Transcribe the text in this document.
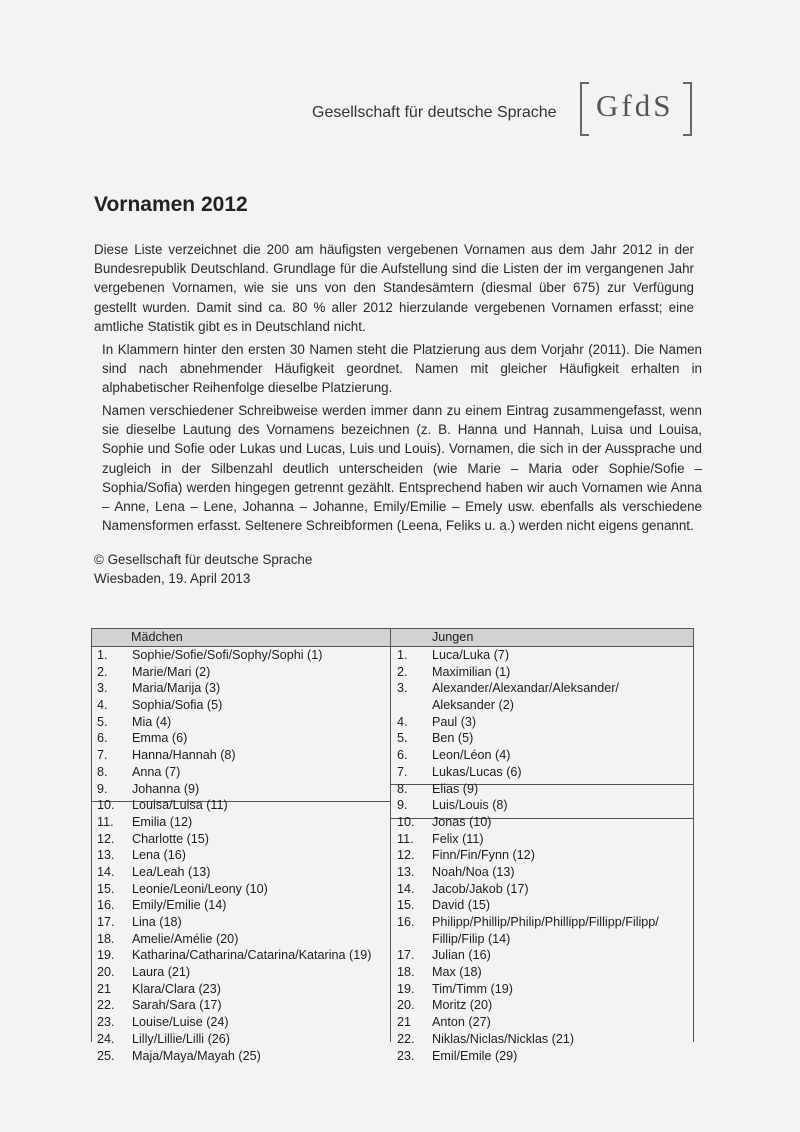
Gesellschaft für deutsche Sprache GfdS
Vornamen 2012
Diese Liste verzeichnet die 200 am häufigsten vergebenen Vornamen aus dem Jahr 2012 in der Bundesrepublik Deutschland. Grundlage für die Aufstellung sind die Listen der im vergangenen Jahr vergebenen Vornamen, wie sie uns von den Standesämtern (diesmal über 675) zur Verfügung gestellt wurden. Damit sind ca. 80 % aller 2012 hierzulande vergebenen Vornamen erfasst; eine amtliche Statistik gibt es in Deutschland nicht.
In Klammern hinter den ersten 30 Namen steht die Platzierung aus dem Vorjahr (2011). Die Namen sind nach abnehmender Häufigkeit geordnet. Namen mit gleicher Häufigkeit erhalten in alphabetischer Reihenfolge dieselbe Platzierung.
Namen verschiedener Schreibweise werden immer dann zu einem Eintrag zusammengefasst, wenn sie dieselbe Lautung des Vornamens bezeichnen (z. B. Hanna und Hannah, Luisa und Louisa, Sophie und Sofie oder Lukas und Lucas, Luis und Louis). Vornamen, die sich in der Aussprache und zugleich in der Silbenzahl deutlich unterscheiden (wie Marie – Maria oder Sophie/Sofie – Sophia/Sofia) werden hingegen getrennt gezählt. Entsprechend haben wir auch Vornamen wie Anna – Anne, Lena – Lene, Johanna – Johanne, Emily/Emilie – Emely usw. ebenfalls als verschiedene Namensformen erfasst. Seltenere Schreibformen (Leena, Feliks u. a.) werden nicht eigens genannt.
© Gesellschaft für deutsche Sprache
Wiesbaden, 19. April 2013
Mädchen	Jungen
1.	Sophie/Sofie/Sofi/Sophy/Sophi (1)
2.	Marie/Mari (2)
3.	Maria/Marija (3)
4.	Sophia/Sofia (5)
5.	Mia (4)
6.	Emma (6)
7.	Hanna/Hannah (8)
8.	Anna (7)
9.	Johanna (9)
10.	Louisa/Luisa (11)
11.	Emilia (12)
12.	Charlotte (15)
13.	Lena (16)
14.	Lea/Leah (13)
15.	Leonie/Leoni/Leony (10)
16.	Emily/Emilie (14)
17.	Lina (18)
18.	Amelie/Amélie (20)
19.	Katharina/Catharina/Catarina/Katarina (19)
20.	Laura (21)
21	Klara/Clara (23)
22.	Sarah/Sara (17)
23.	Louise/Luise (24)
24.	Lilly/Lillie/Lilli (26)
25.	Maja/Maya/Mayah (25)
1.	Luca/Luka (7)
2.	Maximilian (1)
3.	Alexander/Alexandar/Aleksander/
Aleksander (2)
4.	Paul (3)
5.	Ben (5)
6.	Leon/Léon (4)
7.	Lukas/Lucas (6)
8.	Elias (9)
9.	Luis/Louis (8)
10.	Jonas (10)
11.	Felix (11)
12.	Finn/Fin/Fynn (12)
13.	Noah/Noa (13)
14.	Jacob/Jakob (17)
15.	David (15)
16.	Philipp/Phillip/Philip/Phillipp/Fillipp/Filipp/
Fillip/Filip (14)
17.	Julian (16)
18.	Max (18)
19.	Tim/Timm (19)
20.	Moritz (20)
21	Anton (27)
22.	Niklas/Niclas/Nicklas (21)
23.	Emil/Emile (29)
